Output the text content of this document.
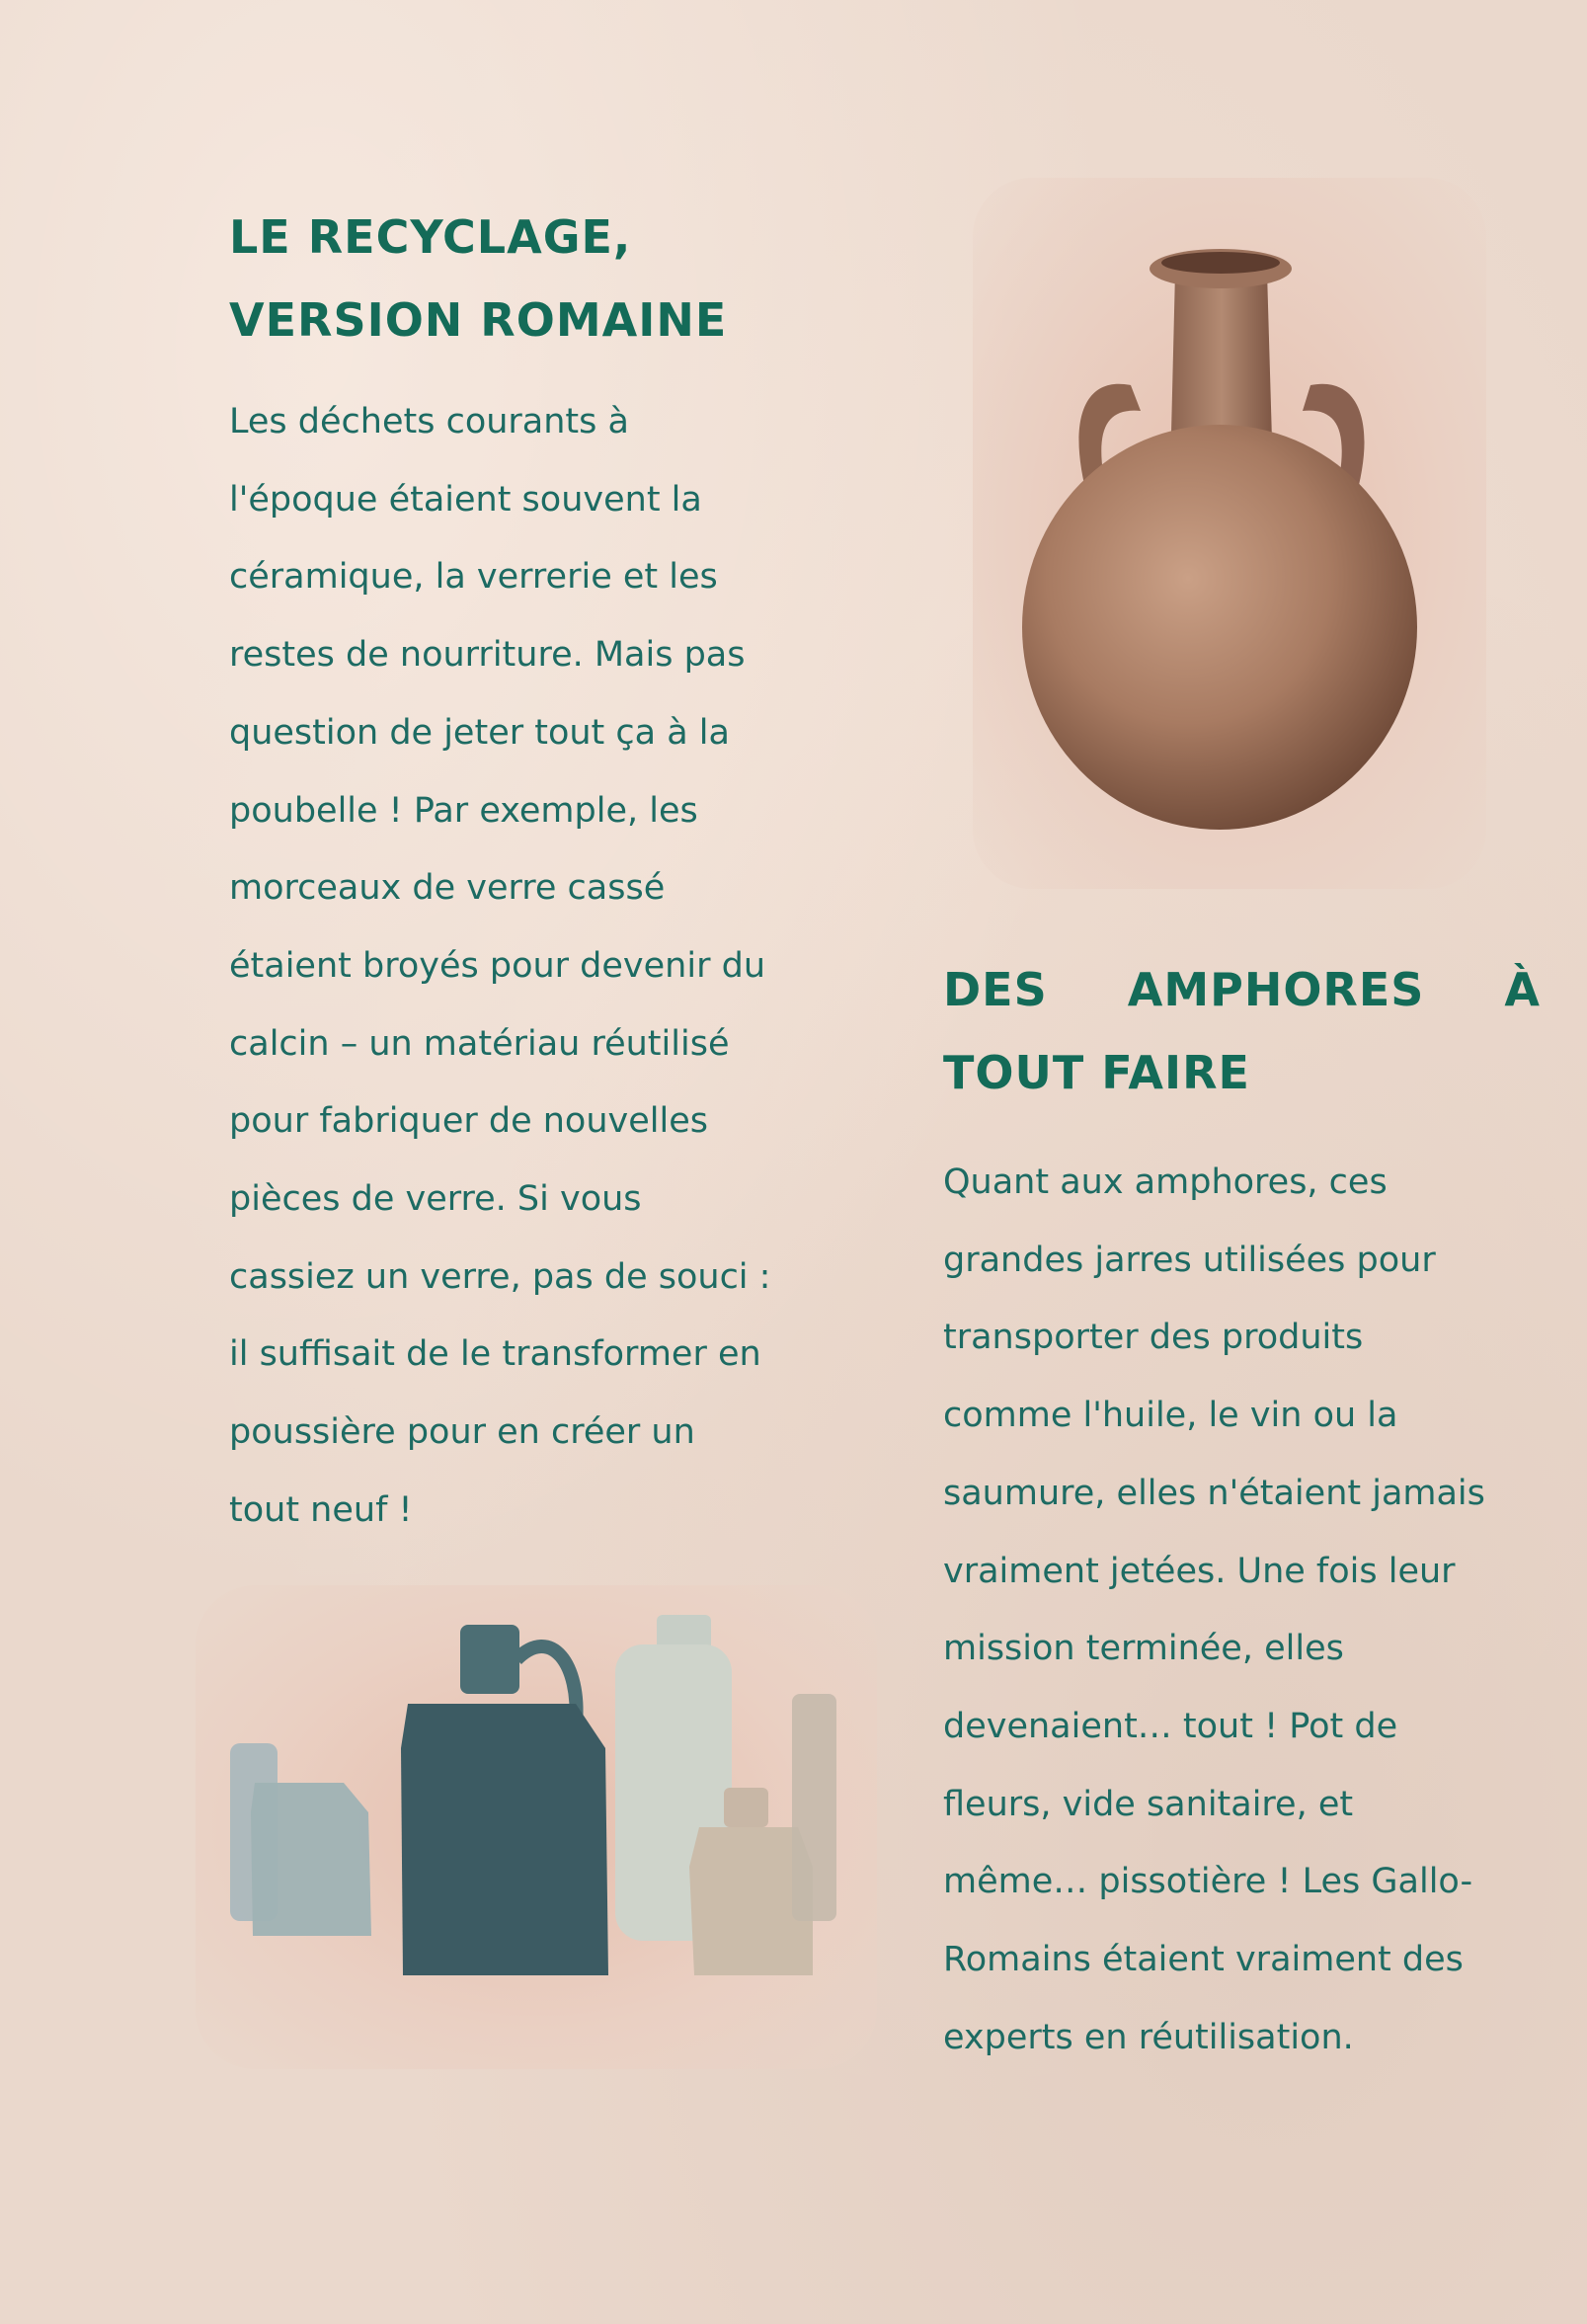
LE RECYCLAGE,
VERSION ROMAINE

Les déchets courants à
l'époque étaient souvent la
céramique, la verrerie et les
restes de nourriture. Mais pas
question de jeter tout ça à la
poubelle ! Par exemple, les
morceaux de verre cassé
étaient broyés pour devenir du
calcin – un matériau réutilisé
pour fabriquer de nouvelles
pièces de verre. Si vous
cassiez un verre, pas de souci :
il suffisait de le transformer en
poussière pour en créer un
tout neuf !

DES AMPHORES À
TOUT FAIRE

Quant aux amphores, ces
grandes jarres utilisées pour
transporter des produits
comme l'huile, le vin ou la
saumure, elles n'étaient jamais
vraiment jetées. Une fois leur
mission terminée, elles
devenaient… tout ! Pot de
fleurs, vide sanitaire, et
même… pissotière ! Les Gallo-
Romains étaient vraiment des
experts en réutilisation.
